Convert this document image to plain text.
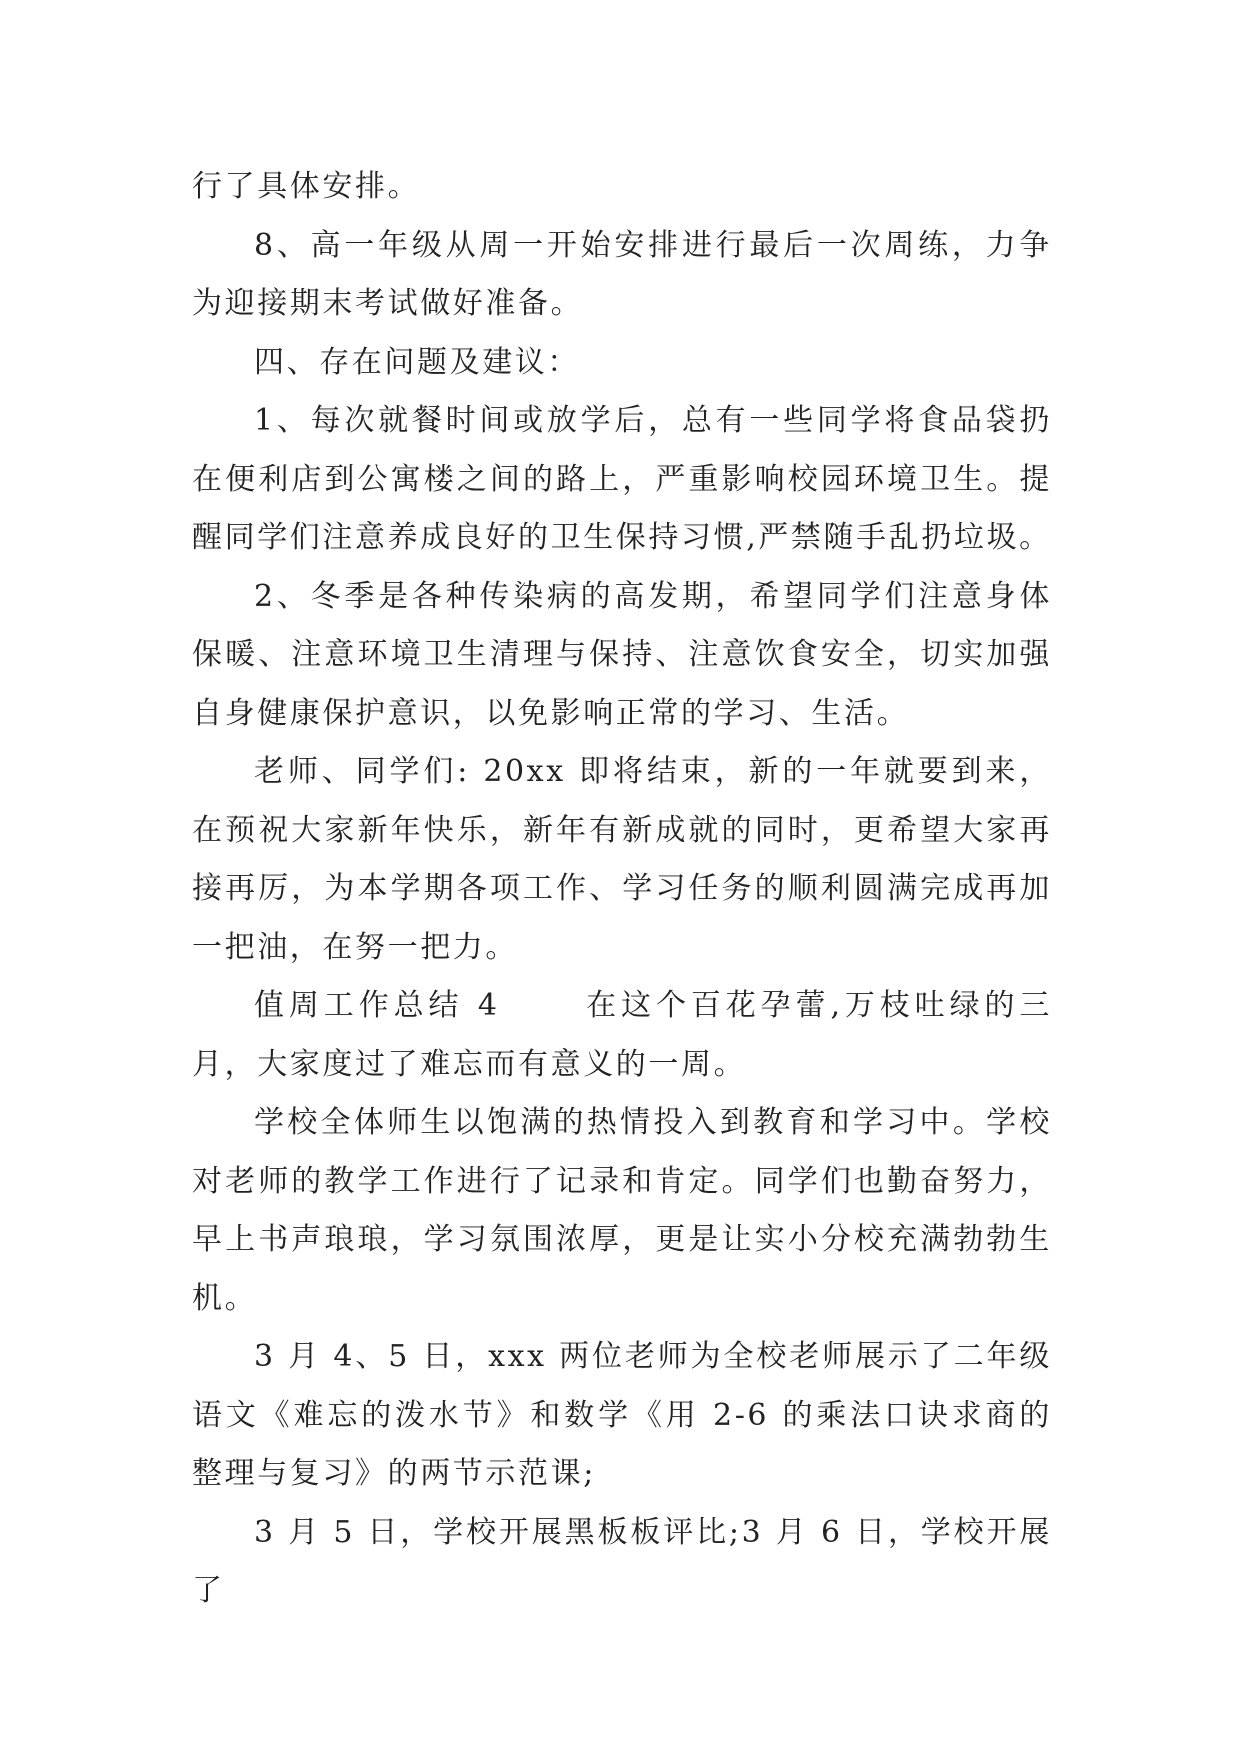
行了具体安排。

8、高一年级从周一开始安排进行最后一次周练，力争为迎接期末考试做好准备。

四、存在问题及建议：

1、每次就餐时间或放学后，总有一些同学将食品袋扔在便利店到公寓楼之间的路上，严重影响校园环境卫生。提醒同学们注意养成良好的卫生保持习惯,严禁随手乱扔垃圾。

2、冬季是各种传染病的高发期，希望同学们注意身体保暖、注意环境卫生清理与保持、注意饮食安全，切实加强自身健康保护意识，以免影响正常的学习、生活。

老师、同学们: 20xx 即将结束，新的一年就要到来，在预祝大家新年快乐，新年有新成就的同时，更希望大家再接再厉，为本学期各项工作、学习任务的顺利圆满完成再加一把油，在努一把力。

值周工作总结 4      在这个百花孕蕾,万枝吐绿的三月，大家度过了难忘而有意义的一周。

学校全体师生以饱满的热情投入到教育和学习中。学校对老师的教学工作进行了记录和肯定。同学们也勤奋努力，早上书声琅琅，学习氛围浓厚，更是让实小分校充满勃勃生机。

3 月 4、5 日，xxx 两位老师为全校老师展示了二年级语文《难忘的泼水节》和数学《用 2-6 的乘法口诀求商的整理与复习》的两节示范课;

3 月 5 日，学校开展黑板板评比;3 月 6 日，学校开展了
